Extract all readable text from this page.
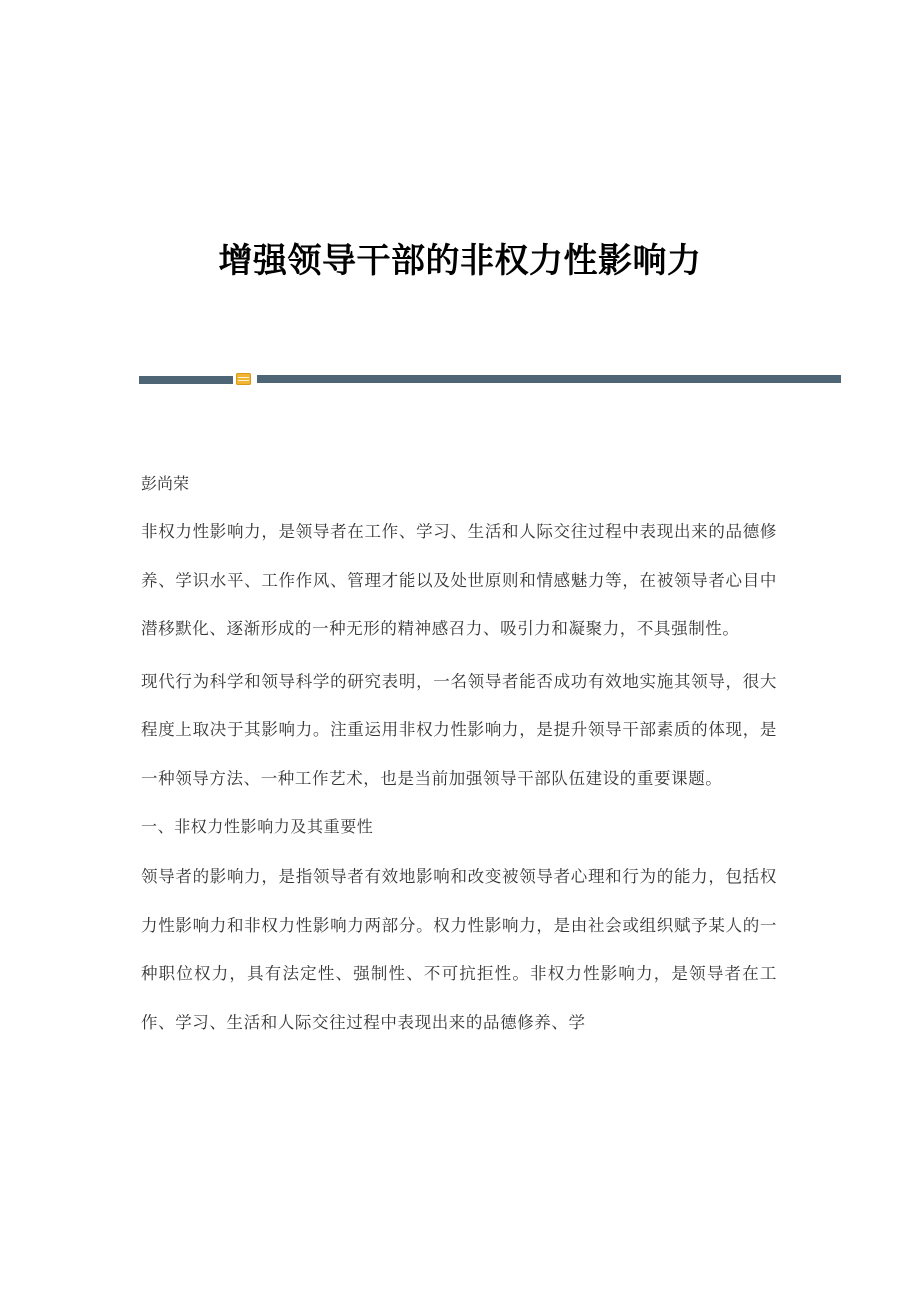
增强领导干部的非权力性影响力

彭尚荣

非权力性影响力，是领导者在工作、学习、生活和人际交往过程中表现出来的品德修养、学识水平、工作作风、管理才能以及处世原则和情感魅力等，在被领导者心目中潜移默化、逐渐形成的一种无形的精神感召力、吸引力和凝聚力，不具强制性。

现代行为科学和领导科学的研究表明，一名领导者能否成功有效地实施其领导，很大程度上取决于其影响力。注重运用非权力性影响力，是提升领导干部素质的体现，是一种领导方法、一种工作艺术，也是当前加强领导干部队伍建设的重要课题。

一、非权力性影响力及其重要性

领导者的影响力，是指领导者有效地影响和改变被领导者心理和行为的能力，包括权力性影响力和非权力性影响力两部分。权力性影响力，是由社会或组织赋予某人的一种职位权力，具有法定性、强制性、不可抗拒性。非权力性影响力，是领导者在工作、学习、生活和人际交往过程中表现出来的品德修养、学
